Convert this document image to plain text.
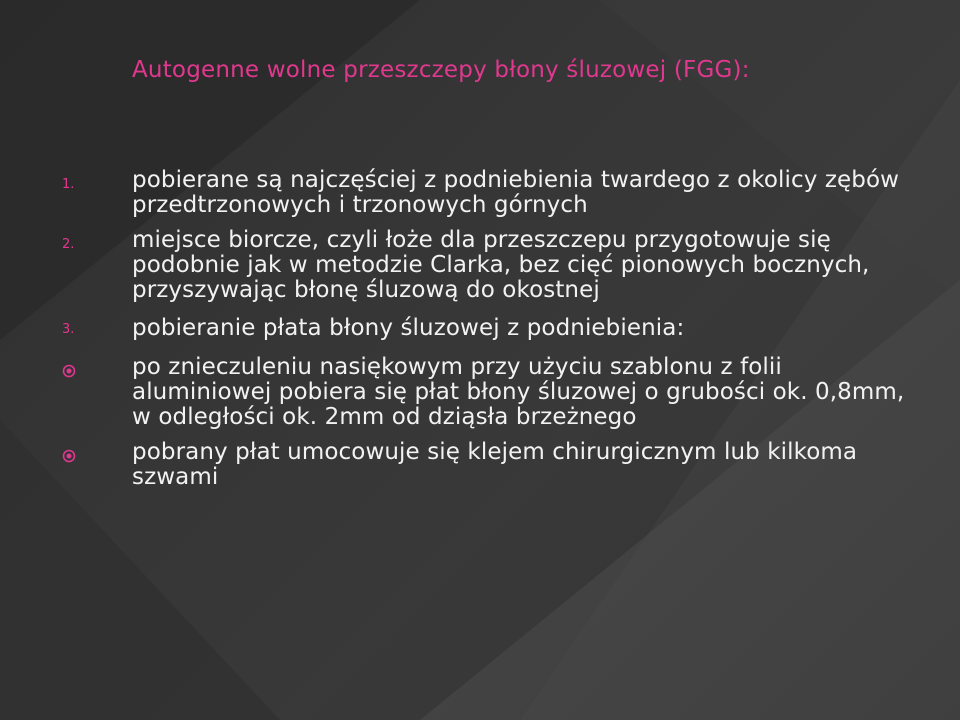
Autogenne wolne przeszczepy błony śluzowej (FGG):
1.	pobierane są najczęściej z podniebienia twardego z okolicy zębów przedtrzonowych i trzonowych górnych
2.	miejsce biorcze, czyli łoże dla przeszczepu przygotowuje się podobnie jak w metodzie Clarka, bez cięć pionowych bocznych, przyszywając błonę śluzową do okostnej
3.	pobieranie płata błony śluzowej z podniebienia:
po znieczuleniu nasiękowym przy użyciu szablonu z folii aluminiowej pobiera się płat błony śluzowej o grubości ok. 0,8mm, w odległości ok. 2mm od dziąsła brzeżnego
pobrany płat umocowuje się klejem chirurgicznym lub kilkoma szwami
